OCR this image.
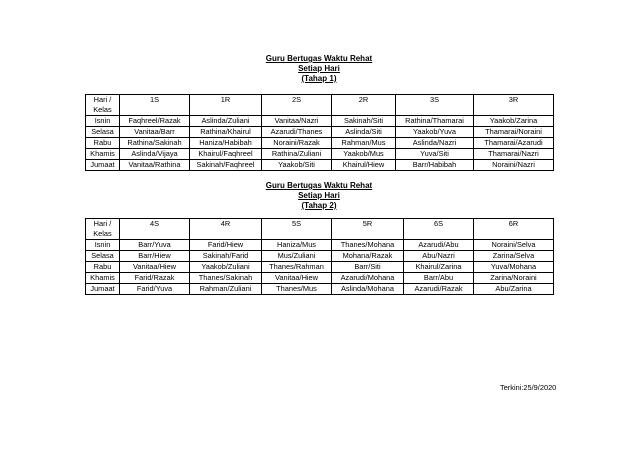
Guru Bertugas Waktu Rehat
Setiap Hari
(Tahap 1)
Hari /
Kelas	1S	1R	2S	2R	3S	3R
Isnin	Faqhreel/Razak	Aslinda/Zuliani	Vanitaa/Nazri	Sakinah/Siti	Rathina/Thamarai	Yaakob/Zarina
Selasa	Vanitaa/Barr	Rathina/Khairul	Azarudi/Thanes	Aslinda/Siti	Yaakob/Yuva	Thamarai/Noraini
Rabu	Rathina/Sakinah	Haniza/Habibah	Noraini/Razak	Rahman/Mus	Aslinda/Nazri	Thamarai/Azarudi
Khamis	Aslinda/Vijaya	Khairul/Faqhreel	Rathina/Zuliani	Yaakob/Mus	Yuva/Siti	Thamarai/Nazri
Jumaat	Vanitaa/Rathina	Sakinah/Faqhreel	Yaakob/Siti	Khairul/Hiew	Barr/Habibah	Noraini/Nazri
Guru Bertugas Waktu Rehat
Setiap Hari
(Tahap 2)
Hari /
Kelas	4S	4R	5S	5R	6S	6R
Isnin	Barr/Yuva	Farid/Hiew	Haniza/Mus	Thanes/Mohana	Azarudi/Abu	Noraini/Selva
Selasa	Barr/Hiew	Sakinah/Farid	Mus/Zuliani	Mohana/Razak	Abu/Nazri	Zarina/Selva
Rabu	Vanitaa/Hiew	Yaakob/Zuliani	Thanes/Rahman	Barr/Siti	Khairul/Zarina	Yuva/Mohana
Khamis	Farid/Razak	Thanes/Sakinah	Vanitaa/Hiew	Azarudi/Mohana	Barr/Abu	Zarina/Noraini
Jumaat	Farid/Yuva	Rahman/Zuliani	Thanes/Mus	Aslinda/Mohana	Azarudi/Razak	Abu/Zarina
Terkini:25/9/2020
